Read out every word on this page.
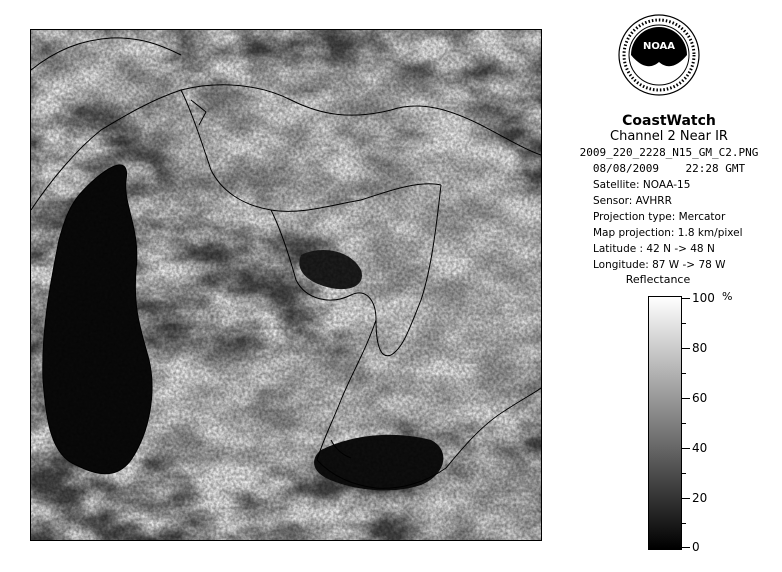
NOAA
CoastWatch
Channel 2 Near IR
2009_220_2228_N15_GM_C2.PNG
08/08/2009    22:28 GMT
Satellite: NOAA-15
Sensor: AVHRR
Projection type: Mercator
Map projection: 1.8 km/pixel
Latitude : 42 N -> 48 N
Longitude: 87 W -> 78 W
Reflectance
%
100
80
60
40
20
0
